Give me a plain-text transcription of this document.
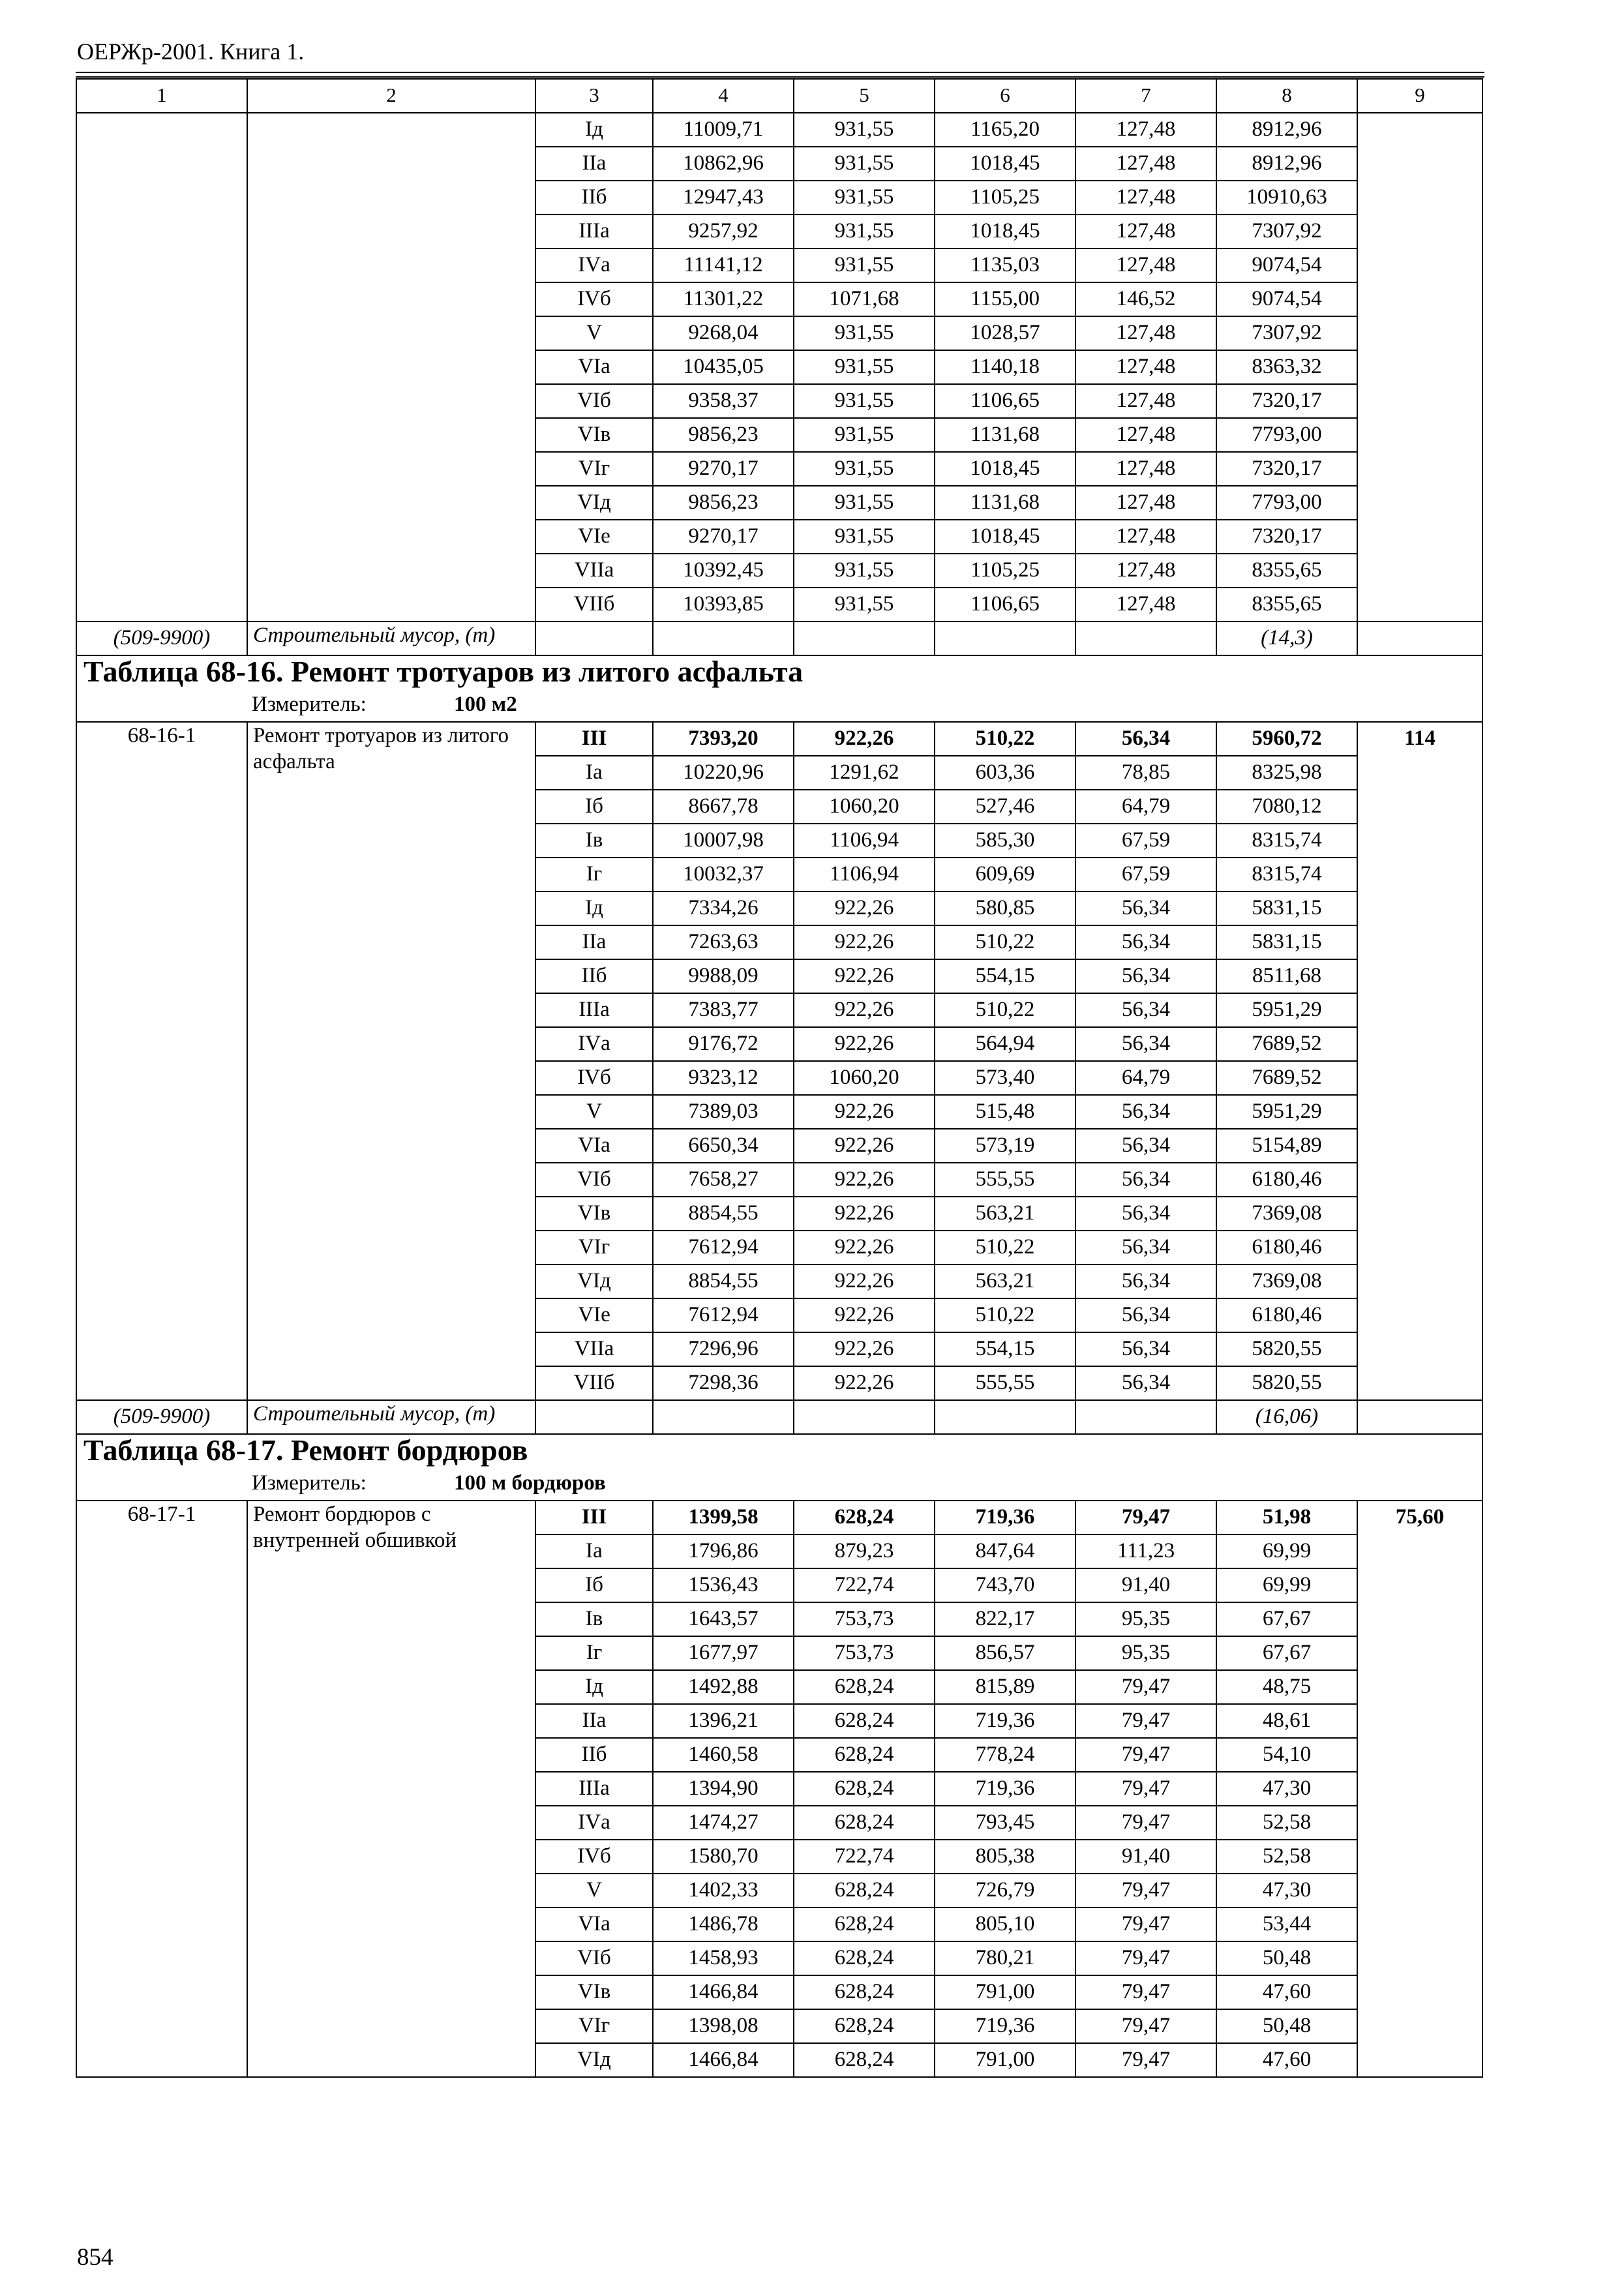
ОЕРЖр-2001. Книга 1.
1	2	3	4	5	6	7	8	9
		Iд	11009,71	931,55	1165,20	127,48	8912,96	
		IIа	10862,96	931,55	1018,45	127,48	8912,96	
		IIб	12947,43	931,55	1105,25	127,48	10910,63	
		IIIа	9257,92	931,55	1018,45	127,48	7307,92	
		IVа	11141,12	931,55	1135,03	127,48	9074,54	
		IVб	11301,22	1071,68	1155,00	146,52	9074,54	
		V	9268,04	931,55	1028,57	127,48	7307,92	
		VIа	10435,05	931,55	1140,18	127,48	8363,32	
		VIб	9358,37	931,55	1106,65	127,48	7320,17	
		VIв	9856,23	931,55	1131,68	127,48	7793,00	
		VIг	9270,17	931,55	1018,45	127,48	7320,17	
		VIд	9856,23	931,55	1131,68	127,48	7793,00	
		VIе	9270,17	931,55	1018,45	127,48	7320,17	
		VIIа	10392,45	931,55	1105,25	127,48	8355,65	
		VIIб	10393,85	931,55	1106,65	127,48	8355,65	
(509-9900)	Строительный мусор, (т)						(14,3)	
Таблица 68-16. Ремонт тротуаров из литого асфальта								
Измеритель: 100 м2								
68-16-1	Ремонт тротуаров из литого асфальта	III	7393,20	922,26	510,22	56,34	5960,72	114
		Iа	10220,96	1291,62	603,36	78,85	8325,98	
		Iб	8667,78	1060,20	527,46	64,79	7080,12	
		Iв	10007,98	1106,94	585,30	67,59	8315,74	
		Iг	10032,37	1106,94	609,69	67,59	8315,74	
		Iд	7334,26	922,26	580,85	56,34	5831,15	
		IIа	7263,63	922,26	510,22	56,34	5831,15	
		IIб	9988,09	922,26	554,15	56,34	8511,68	
		IIIа	7383,77	922,26	510,22	56,34	5951,29	
		IVа	9176,72	922,26	564,94	56,34	7689,52	
		IVб	9323,12	1060,20	573,40	64,79	7689,52	
		V	7389,03	922,26	515,48	56,34	5951,29	
		VIа	6650,34	922,26	573,19	56,34	5154,89	
		VIб	7658,27	922,26	555,55	56,34	6180,46	
		VIв	8854,55	922,26	563,21	56,34	7369,08	
		VIг	7612,94	922,26	510,22	56,34	6180,46	
		VIд	8854,55	922,26	563,21	56,34	7369,08	
		VIе	7612,94	922,26	510,22	56,34	6180,46	
		VIIа	7296,96	922,26	554,15	56,34	5820,55	
		VIIб	7298,36	922,26	555,55	56,34	5820,55	
(509-9900)	Строительный мусор, (т)						(16,06)	
Таблица 68-17. Ремонт бордюров								
Измеритель: 100 м бордюров								
68-17-1	Ремонт бордюров с внутренней обшивкой	III	1399,58	628,24	719,36	79,47	51,98	75,60
		Iа	1796,86	879,23	847,64	111,23	69,99	
		Iб	1536,43	722,74	743,70	91,40	69,99	
		Iв	1643,57	753,73	822,17	95,35	67,67	
		Iг	1677,97	753,73	856,57	95,35	67,67	
		Iд	1492,88	628,24	815,89	79,47	48,75	
		IIа	1396,21	628,24	719,36	79,47	48,61	
		IIб	1460,58	628,24	778,24	79,47	54,10	
		IIIа	1394,90	628,24	719,36	79,47	47,30	
		IVа	1474,27	628,24	793,45	79,47	52,58	
		IVб	1580,70	722,74	805,38	91,40	52,58	
		V	1402,33	628,24	726,79	79,47	47,30	
		VIа	1486,78	628,24	805,10	79,47	53,44	
		VIб	1458,93	628,24	780,21	79,47	50,48	
		VIв	1466,84	628,24	791,00	79,47	47,60	
		VIг	1398,08	628,24	719,36	79,47	50,48	
		VIд	1466,84	628,24	791,00	79,47	47,60	
854
